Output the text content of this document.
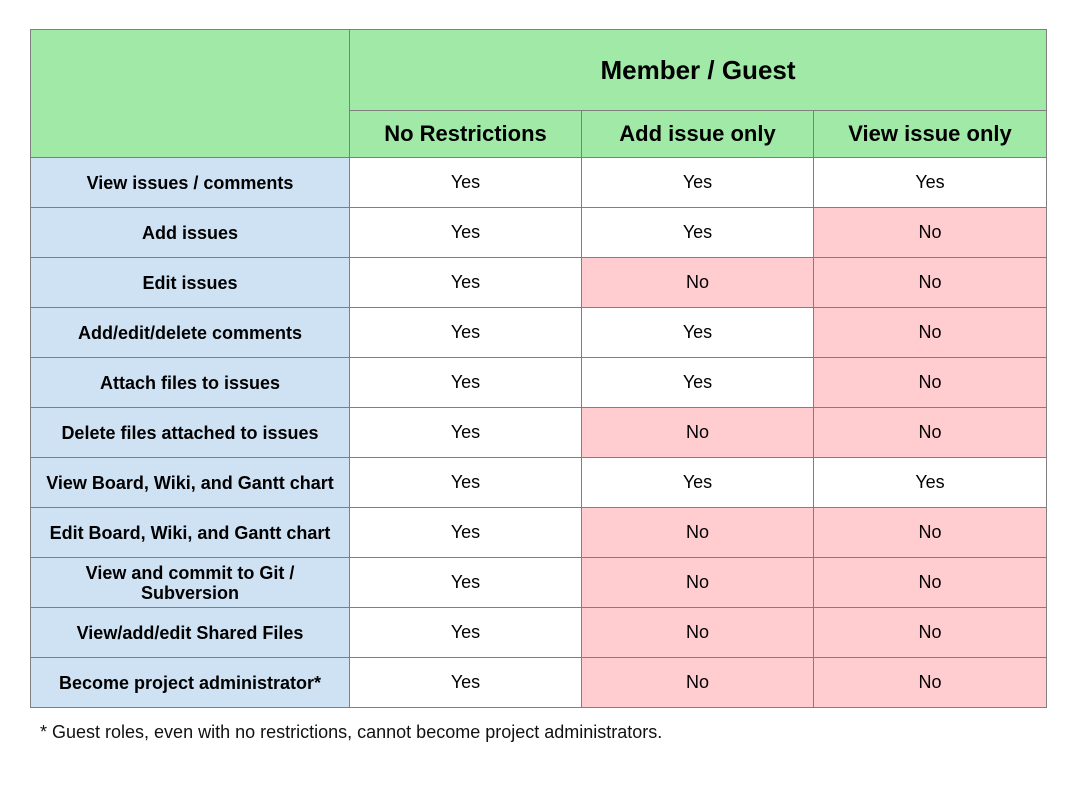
	Member / Guest		
	No Restrictions	Add issue only	View issue only
View issues / comments	Yes	Yes	Yes
Add issues	Yes	Yes	No
Edit issues	Yes	No	No
Add/edit/delete comments	Yes	Yes	No
Attach files to issues	Yes	Yes	No
Delete files attached to issues	Yes	No	No
View Board, Wiki, and Gantt chart	Yes	Yes	Yes
Edit Board, Wiki, and Gantt chart	Yes	No	No
View and commit to Git / Subversion	Yes	No	No
View/add/edit Shared Files	Yes	No	No
Become project administrator*	Yes	No	No
* Guest roles, even with no restrictions, cannot become project administrators.
